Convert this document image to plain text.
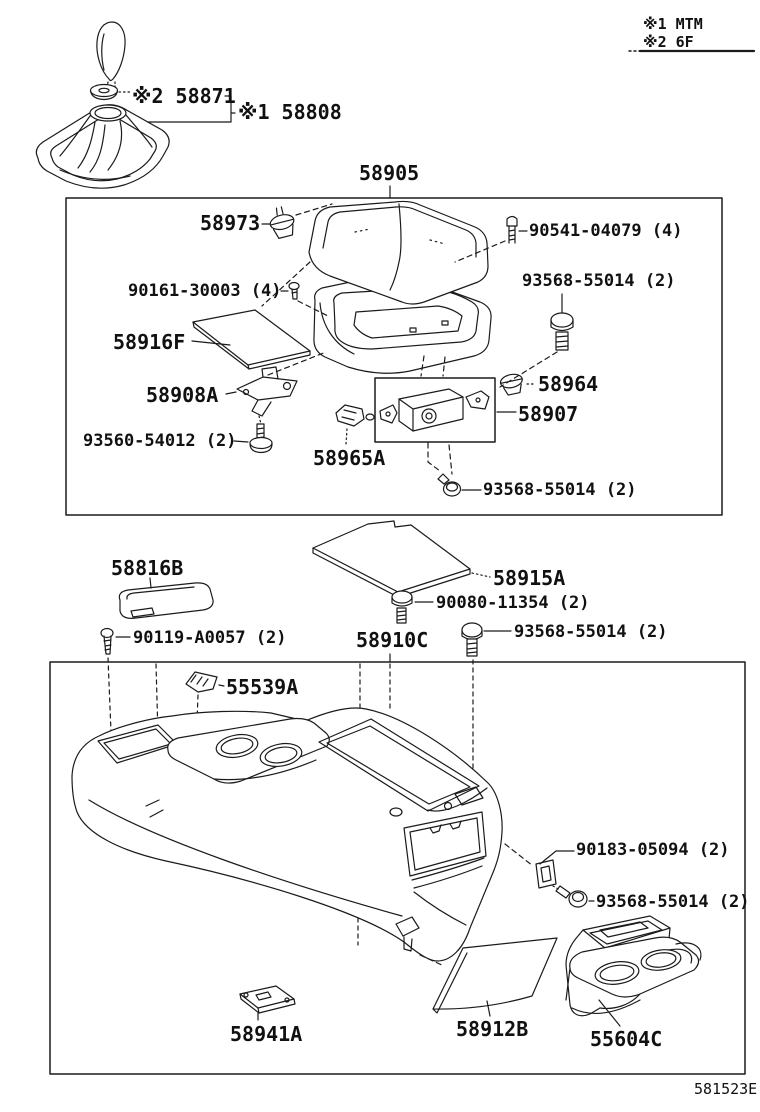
※1 MTM
※2 6F
※2 58871
※1 58808
58905
58973	90541-04079 (4)
93568-55014 (2)
90161-30003 (4)
58916F
58908A
93560-54012 (2)
58965A
58964
58907
93568-55014 (2)
58816B	58915A
90080-11354 (2)
90119-A0057 (2)	58910C	93568-55014 (2)
55539A
90183-05094 (2)
93568-55014 (2)
58941A	58912B	55604C
581523E
